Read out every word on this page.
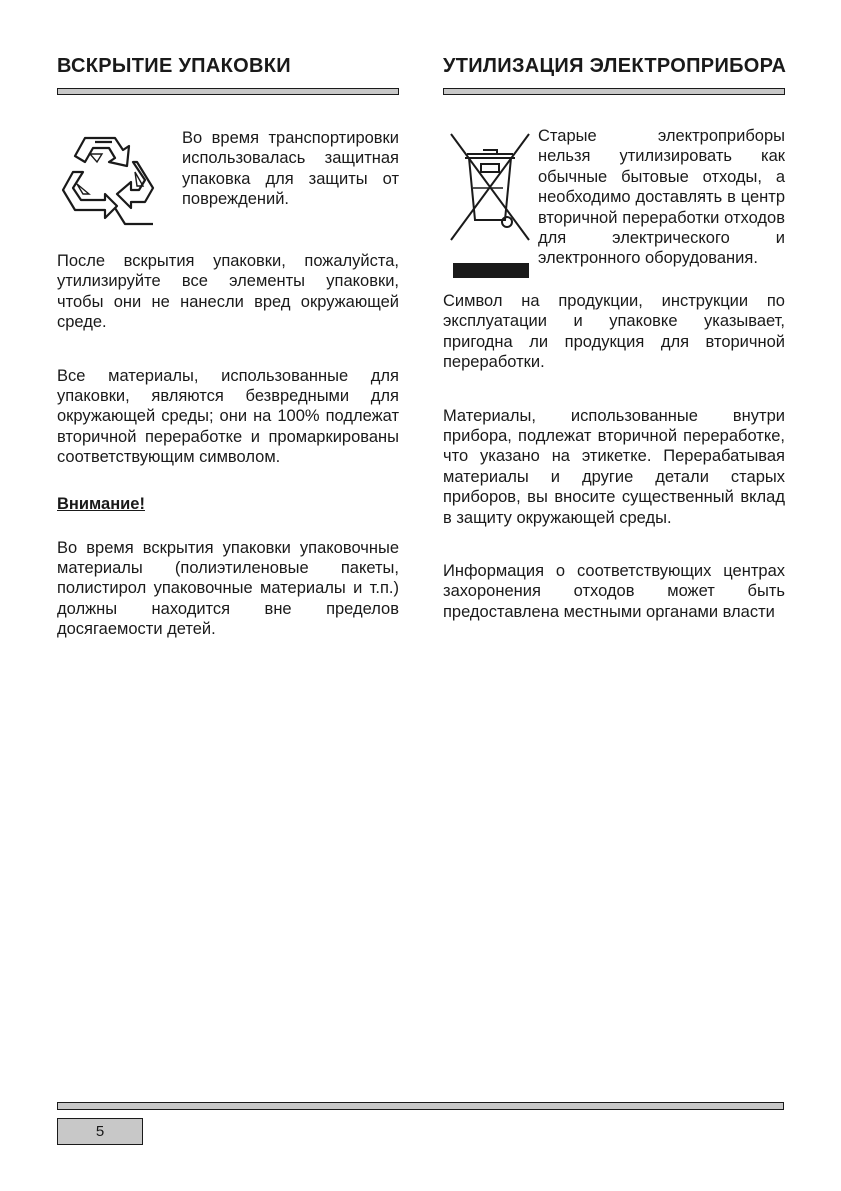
ВСКРЫТИЕ УПАКОВКИ

Во время транспортировки использовалась защитная упаковка для защиты от повреждений.

После вскрытия упаковки, пожалуйста, утилизируйте все элементы упаковки, чтобы они не нанесли вред окружающей среде.

Все материалы, использованные для упаковки, являются безвредными для окружающей среды; они на 100% подлежат вторичной переработке и промаркированы соответствующим символом.

Внимание!

Во время вскрытия упаковки упаковочные материалы (полиэтиленовые пакеты, полистирол упаковочные материалы и т.п.) должны находится вне пределов досягаемости детей.

УТИЛИЗАЦИЯ ЭЛЕКТРОПРИБОРА

Старые электроприборы нельзя утилизировать как обычные бытовые отходы, а необходимо доставлять в центр вторичной переработки отходов для электрического и электронного оборудования.

Символ на продукции, инструкции по эксплуатации и упаковке указывает, пригодна ли продукция для вторичной переработки.

Материалы, использованные внутри прибора, подлежат вторичной переработке, что указано на этикетке. Перерабатывая материалы и другие детали старых приборов, вы вносите существенный вклад в защиту окружающей среды.

Информация о соответствующих центрах захоронения отходов может быть предоставлена местными органами власти

5
